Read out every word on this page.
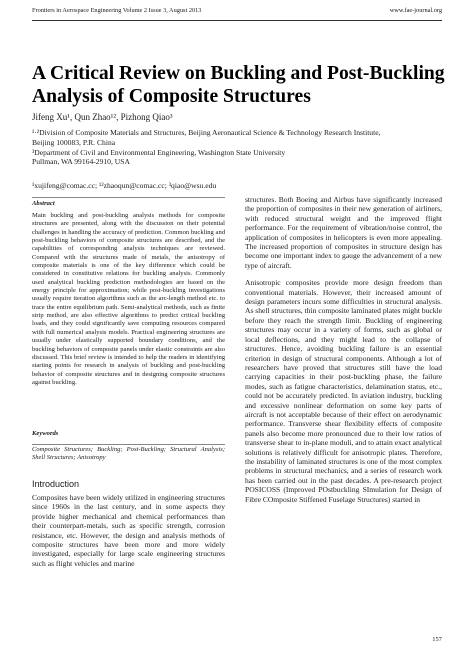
Frontiers in Aerospace Engineering Volume 2 Issue 3, August 2013	www.fae-journal.org
A Critical Review on Buckling and Post-Buckling Analysis of Composite Structures
Jifeng Xu¹, Qun Zhao¹², Pizhong Qiao³
¹·²Division of Composite Materials and Structures, Beijing Aeronautical Science & Technology Research Institute,
Beijing 100083, P.R. China
³Department of Civil and Environmental Engineering, Washington State University
Pullman, WA 99164-2910, USA
¹xujifeng@comac.cc; ¹²zhaoqun@comac.cc; ³qiao@wsu.edu
Abstract
Main buckling and post-buckling analysis methods for composite structures are presented, along with the discussion on their potential challenges in handling the accuracy of prediction. Common buckling and post-buckling behaviors of composite structures are described, and the capabilities of corresponding analysis techniques are reviewed. Compared with the structures made of metals, the anisotropy of composite materials is one of the key difference which could be considered in constitutive relations for buckling analysis. Commonly used analytical buckling prediction methodologies are based on the energy principle for approximation; while post-buckling investigations usually require iteration algorithms such as the arc-length method etc. to trace the entire equilibrium path. Semi-analytical methods, such as finite strip method, are also effective algorithms to predict critical buckling loads, and they could significantly save computing resources compared with full numerical analysis models. Practical engineering structures are usually under elastically supported boundary conditions, and the buckling behaviors of composite panels under elastic constraints are also discussed. This brief review is intended to help the readers in identifying starting points for research in analysis of buckling and post-buckling behavior of composite structures and in designing composite structures against buckling.
Keywords
Composite Structures; Buckling; Post-Buckling; Structural Analysis; Shell Structures; Anisotropy
Introduction
Composites have been widely utilized in engineering structures since 1960s in the last century, and in some aspects they provide higher mechanical and chemical performances than their counterpart-metals, such as specific strength, corrosion resistance, etc. However, the design and analysis methods of composite structures have been more and more widely investigated, especially for large scale engineering structures such as flight vehicles and marine

structures. Both Boeing and Airbus have significantly increased the proportion of composites in their new generation of airliners, with reduced structural weight and the improved flight performance. For the requirement of vibration/noise control, the application of composites in helicopters is even more appealing. The increased proportion of composites in structure design has become one important index to gauge the advancement of a new type of aircraft.

Anisotropic composites provide more design freedom than conventional materials. However, their increased amount of design parameters incurs some difficulties in structural analysis. As shell structures, thin composite laminated plates might buckle before they reach the strength limit. Buckling of engineering structures may occur in a variety of forms, such as global or local deflections, and they might lead to the collapse of structures. Hence, avoiding buckling failure is an essential criterion in design of structural components. Although a lot of researchers have proved that structures still have the load carrying capacities in their post-buckling phase, the failure modes, such as fatigue characteristics, delamination status, etc., could not be accurately predicted. In aviation industry, buckling and excessive nonlinear deformation on some key parts of aircraft is not acceptable because of their effect on aerodynamic performance. Transverse shear flexibility effects of composite panels also become more pronounced due to their low ratios of transverse shear to in-plane moduli, and to attain exact analytical solutions is relatively difficult for anisotropic plates. Therefore, the instability of laminated structures is one of the most complex problems in structural mechanics, and a series of research work has been carried out in the past decades. A pre-research project POSICOSS (Improved POstbuckling SImulation for Design of Fibre COmposite Stiffened Fuselage Structures) started in

157
